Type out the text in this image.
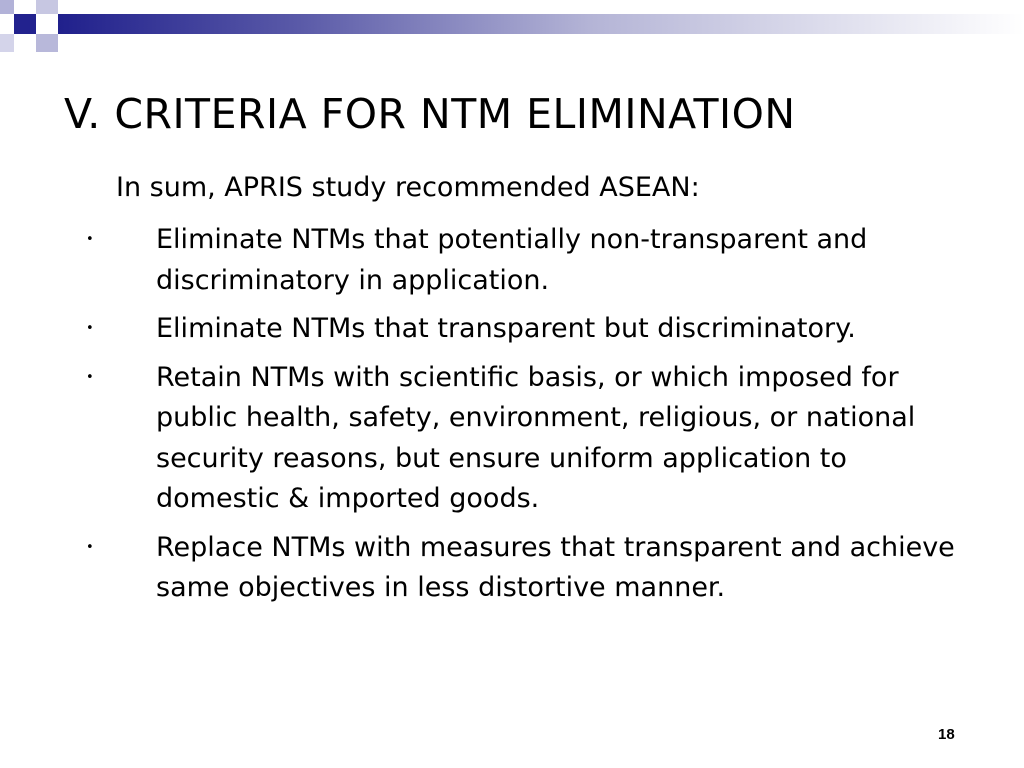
V. CRITERIA FOR NTM ELIMINATION
In sum, APRIS study recommended ASEAN:
• Eliminate NTMs that potentially non-transparent and discriminatory in application.
• Eliminate NTMs that transparent but discriminatory.
• Retain NTMs with scientific basis, or which imposed for public health, safety, environment, religious, or national security reasons, but ensure uniform application to domestic & imported goods.
• Replace NTMs with measures that transparent and achieve same objectives in less distortive manner.
18
